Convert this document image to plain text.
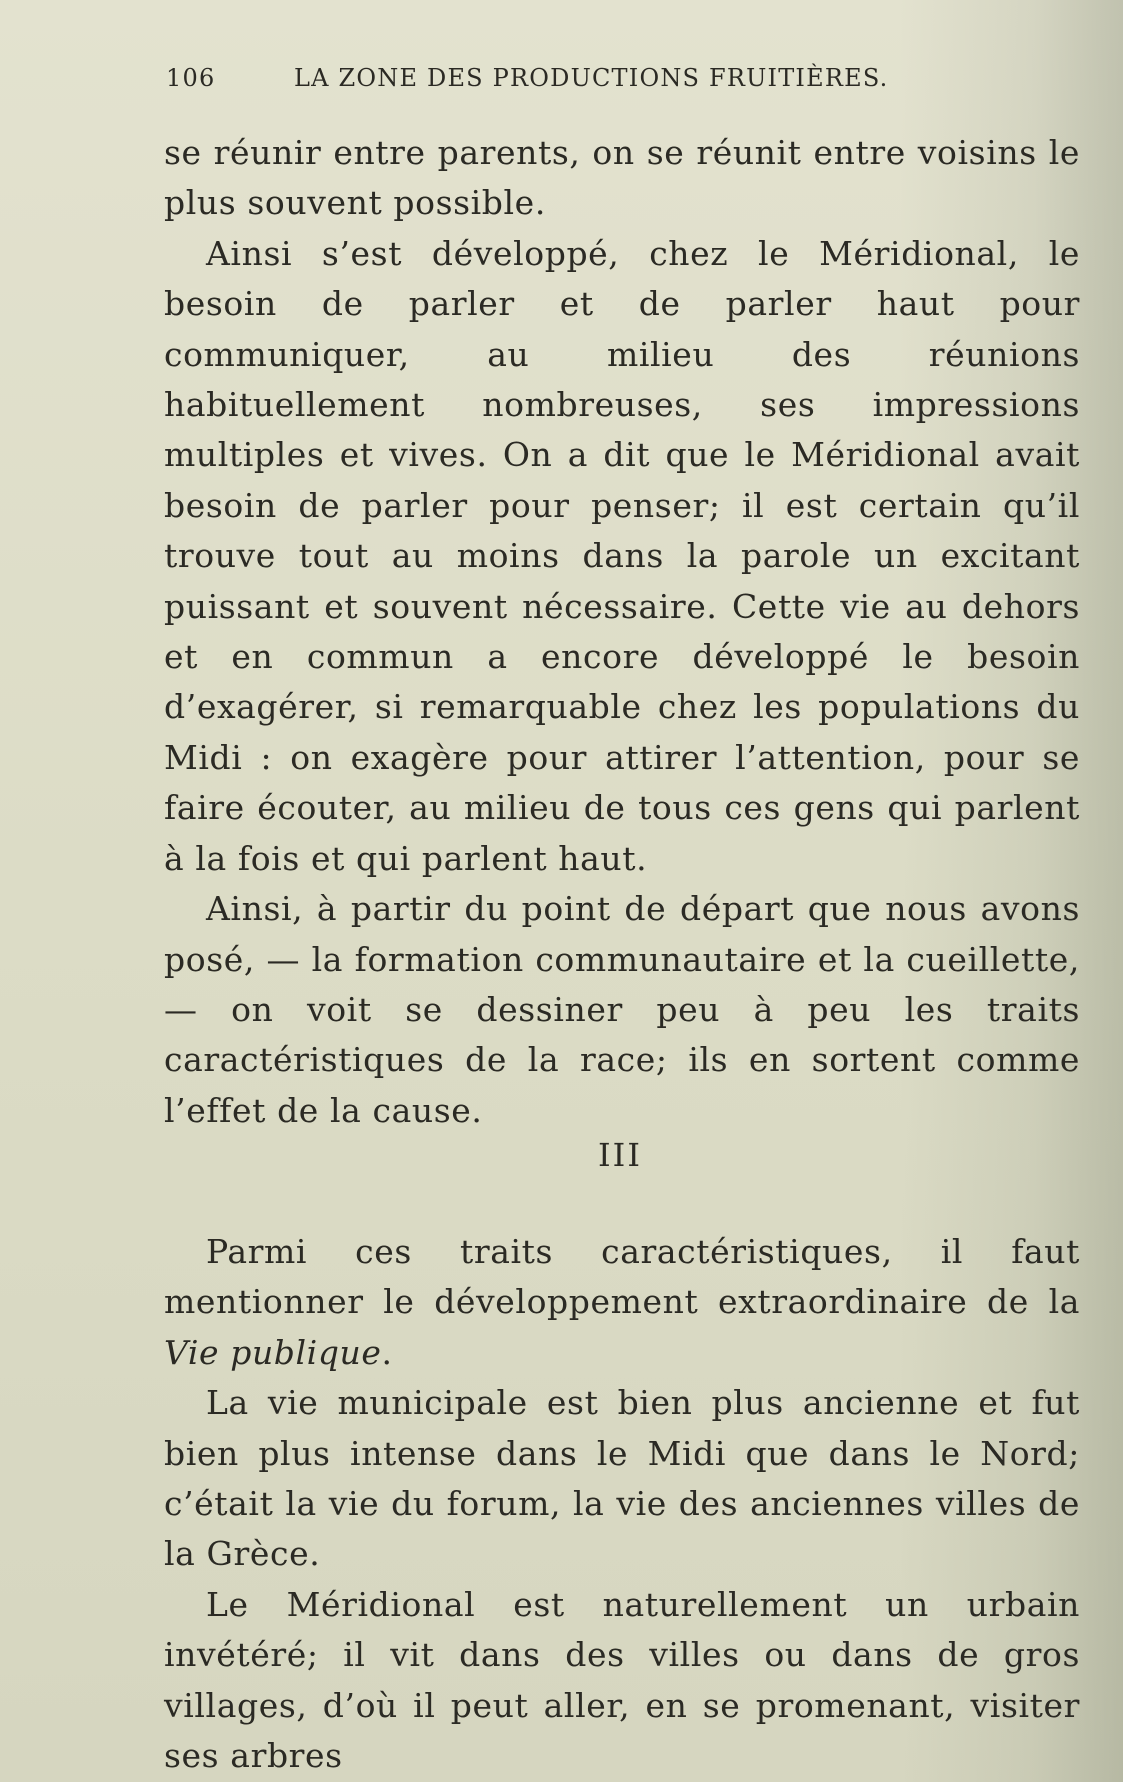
106	LA ZONE DES PRODUCTIONS FRUITIÈRES.

se réunir entre parents, on se réunit entre voisins le plus souvent possible.

Ainsi s’est développé, chez le Méridional, le besoin de parler et de parler haut pour communiquer, au milieu des réunions habituellement nombreuses, ses impressions multiples et vives. On a dit que le Méridional avait besoin de parler pour penser; il est certain qu’il trouve tout au moins dans la parole un excitant puissant et souvent nécessaire. Cette vie au dehors et en commun a encore développé le besoin d’exagérer, si remarquable chez les populations du Midi : on exagère pour attirer l’attention, pour se faire écouter, au milieu de tous ces gens qui parlent à la fois et qui parlent haut.

Ainsi, à partir du point de départ que nous avons posé, — la formation communautaire et la cueillette, — on voit se dessiner peu à peu les traits caractéristiques de la race; ils en sortent comme l’effet de la cause.

III

Parmi ces traits caractéristiques, il faut mentionner le développement extraordinaire de la Vie publique.

La vie municipale est bien plus ancienne et fut bien plus intense dans le Midi que dans le Nord; c’était la vie du forum, la vie des anciennes villes de la Grèce.

Le Méridional est naturellement un urbain invétéré; il vit dans des villes ou dans de gros villages, d’où il peut aller, en se promenant, visiter ses arbres
